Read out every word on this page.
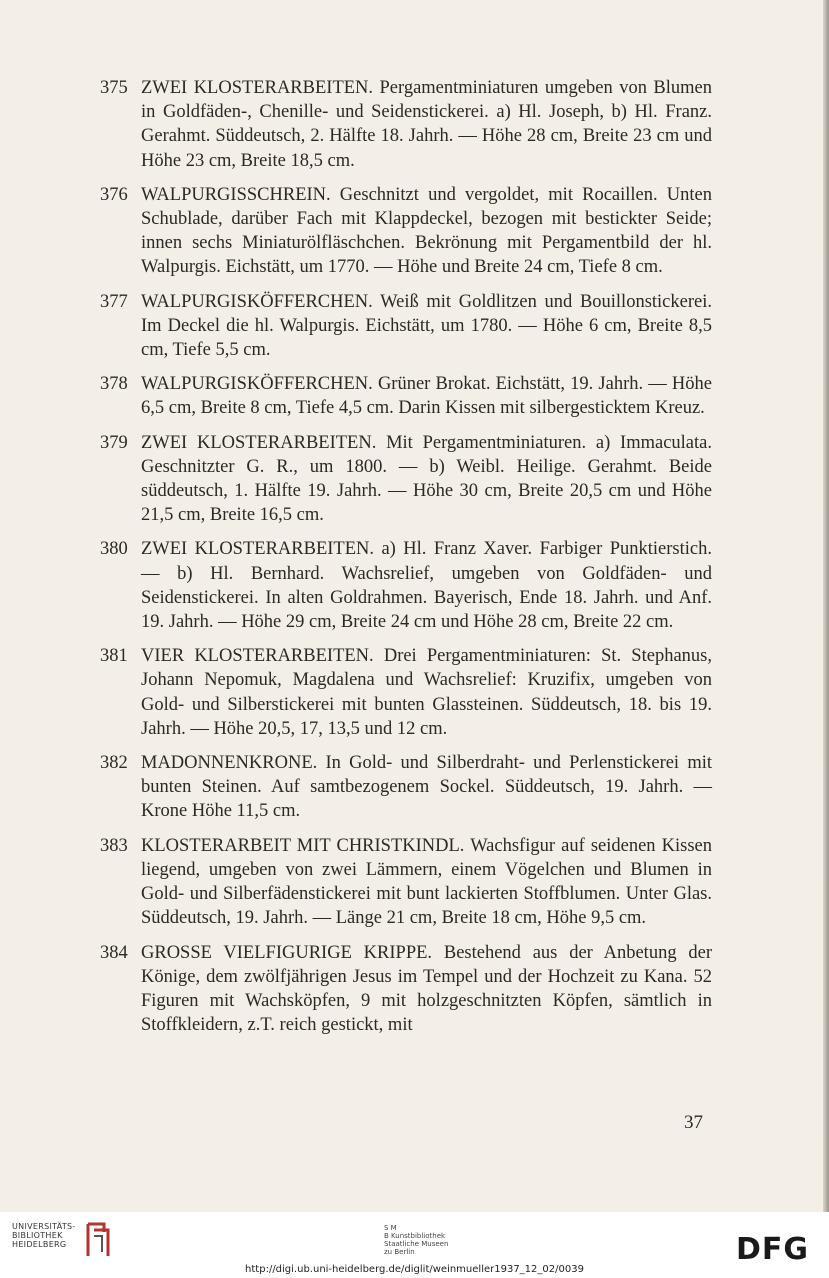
375 ZWEI KLOSTERARBEITEN. Pergamentminiaturen umgeben von Blumen in Goldfäden-, Chenille- und Seidenstickerei. a) Hl. Joseph, b) Hl. Franz. Gerahmt. Süddeutsch, 2. Hälfte 18. Jahrh. — Höhe 28 cm, Breite 23 cm und Höhe 23 cm, Breite 18,5 cm.
376 WALPURGISSCHREIN. Geschnitzt und vergoldet, mit Rocaillen. Unten Schublade, darüber Fach mit Klappdeckel, bezogen mit bestickter Seide; innen sechs Miniaturölfläschchen. Bekrönung mit Pergamentbild der hl. Walpurgis. Eichstätt, um 1770. — Höhe und Breite 24 cm, Tiefe 8 cm.
377 WALPURGISKÖFFERCHEN. Weiß mit Goldlitzen und Bouillonstickerei. Im Deckel die hl. Walpurgis. Eichstätt, um 1780. — Höhe 6 cm, Breite 8,5 cm, Tiefe 5,5 cm.
378 WALPURGISKÖFFERCHEN. Grüner Brokat. Eichstätt, 19. Jahrh. — Höhe 6,5 cm, Breite 8 cm, Tiefe 4,5 cm. Darin Kissen mit silbergesticktem Kreuz.
379 ZWEI KLOSTERARBEITEN. Mit Pergamentminiaturen. a) Immaculata. Geschnitzter G. R., um 1800. — b) Weibl. Heilige. Gerahmt. Beide süddeutsch, 1. Hälfte 19. Jahrh. — Höhe 30 cm, Breite 20,5 cm und Höhe 21,5 cm, Breite 16,5 cm.
380 ZWEI KLOSTERARBEITEN. a) Hl. Franz Xaver. Farbiger Punktierstich. — b) Hl. Bernhard. Wachsrelief, umgeben von Goldfäden- und Seidenstickerei. In alten Goldrahmen. Bayerisch, Ende 18. Jahrh. und Anf. 19. Jahrh. — Höhe 29 cm, Breite 24 cm und Höhe 28 cm, Breite 22 cm.
381 VIER KLOSTERARBEITEN. Drei Pergamentminiaturen: St. Stephanus, Johann Nepomuk, Magdalena und Wachsrelief: Kruzifix, umgeben von Gold- und Silberstickerei mit bunten Glassteinen. Süddeutsch, 18. bis 19. Jahrh. — Höhe 20,5, 17, 13,5 und 12 cm.
382 MADONNENKRONE. In Gold- und Silberdraht- und Perlenstickerei mit bunten Steinen. Auf samtbezogenem Sockel. Süddeutsch, 19. Jahrh. — Krone Höhe 11,5 cm.
383 KLOSTERARBEIT MIT CHRISTKINDL. Wachsfigur auf seidenen Kissen liegend, umgeben von zwei Lämmern, einem Vögelchen und Blumen in Gold- und Silberfädenstickerei mit bunt lackierten Stoffblumen. Unter Glas. Süddeutsch, 19. Jahrh. — Länge 21 cm, Breite 18 cm, Höhe 9,5 cm.
384 GROSSE VIELFIGURIGE KRIPPE. Bestehend aus der Anbetung der Könige, dem zwölfjährigen Jesus im Tempel und der Hochzeit zu Kana. 52 Figuren mit Wachsköpfen, 9 mit holzgeschnitzten Köpfen, sämtlich in Stoffkleidern, z.T. reich gestickt, mit
37
UNIVERSITÄTS-
BIBLIOTHEK
HEIDELBERG
S M
B Kunstbibliothek
Staatliche Museen
zu Berlin	DFG
http://digi.ub.uni-heidelberg.de/diglit/weinmueller1937_12_02/0039
